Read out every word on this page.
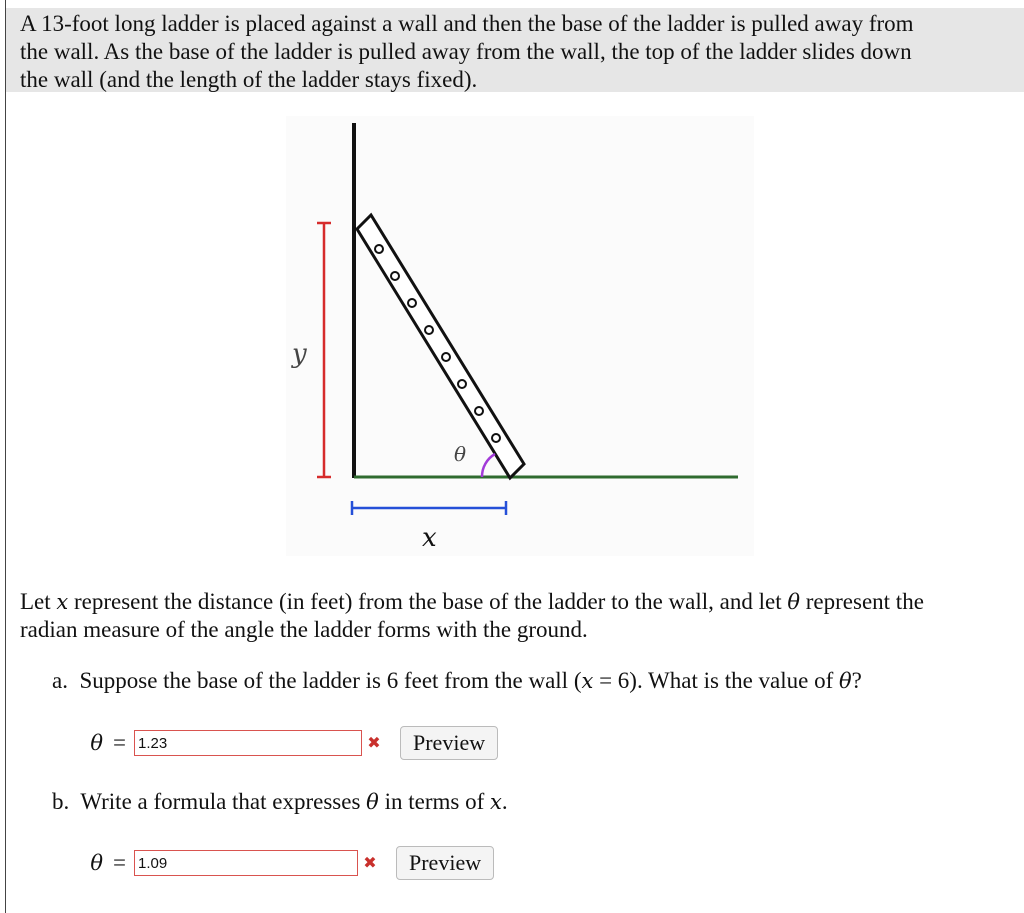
A 13-foot long ladder is placed against a wall and then the base of the ladder is pulled away from
the wall. As the base of the ladder is pulled away from the wall, the top of the ladder slides down
the wall (and the length of the ladder stays fixed).
y
x
θ
Let x represent the distance (in feet) from the base of the ladder to the wall, and let θ represent the
radian measure of the angle the ladder forms with the ground.
a. Suppose the base of the ladder is 6 feet from the wall (x = 6). What is the value of θ?
θ =
1.23	✖	Preview
b. Write a formula that expresses θ in terms of x.
θ =
1.09	✖	Preview
